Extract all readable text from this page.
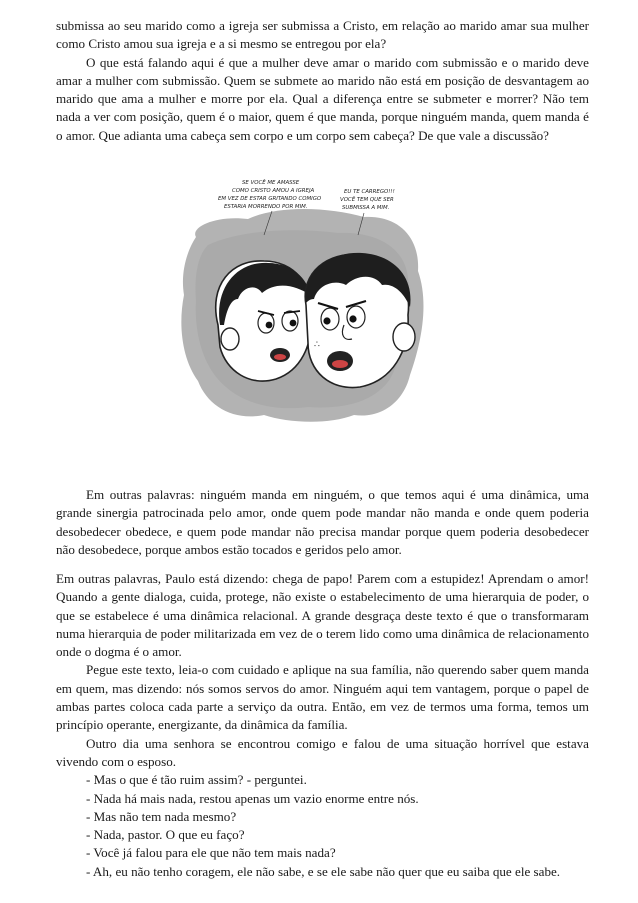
submissa ao seu marido como a igreja ser submissa a Cristo, em relação ao marido amar sua mulher como Cristo amou sua igreja e a si mesmo se entregou por ela?

O que está falando aqui é que a mulher deve amar o marido com submissão e o marido deve amar a mulher com submissão. Quem se submete ao marido não está em posição de desvantagem ao marido que ama a mulher e morre por ela. Qual a diferença entre se submeter e morrer? Não tem nada a ver com posição, quem é o maior, quem é que manda, porque ninguém manda, quem manda é o amor. Que adianta uma cabeça sem corpo e um corpo sem cabeça? De que vale a discussão?

SE VOCÊ ME AMASSE
COMO CRISTO AMOU A IGREJA
EM VEZ DE ESTAR GRITANDO COMIGO
ESTARIA MORRENDO POR MIM.
EU TE CARREGO!!!
VOCÊ TEM QUE SER
SUBMISSA A MIM.
∴

Em outras palavras: ninguém manda em ninguém, o que temos aqui é uma dinâmica, uma grande sinergia patrocinada pelo amor, onde quem pode mandar não manda e onde quem poderia desobedecer obedece, e quem pode mandar não precisa mandar porque quem poderia desobedecer não desobedece, porque ambos estão tocados e geridos pelo amor.

Em outras palavras, Paulo está dizendo: chega de papo! Parem com a estupidez! Aprendam o amor! Quando a gente dialoga, cuida, protege, não existe o estabelecimento de uma hierarquia de poder, o que se estabelece é uma dinâmica relacional. A grande desgraça deste texto é que o transformaram numa hierarquia de poder militarizada em vez de o terem lido como uma dinâmica de relacionamento onde o dogma é o amor.

Pegue este texto, leia-o com cuidado e aplique na sua família, não querendo saber quem manda em quem, mas dizendo: nós somos servos do amor. Ninguém aqui tem vantagem, porque o papel de ambas partes coloca cada parte a serviço da outra. Então, em vez de termos uma forma, temos um princípio operante, energizante, da dinâmica da família.

Outro dia uma senhora se encontrou comigo e falou de uma situação horrível que estava vivendo com o esposo.

- Mas o que é tão ruim assim? - perguntei.
- Nada há mais nada, restou apenas um vazio enorme entre nós.
- Mas não tem nada mesmo?
- Nada, pastor. O que eu faço?
- Você já falou para ele que não tem mais nada?

- Ah, eu não tenho coragem, ele não sabe, e se ele sabe não quer que eu saiba que ele sabe.
